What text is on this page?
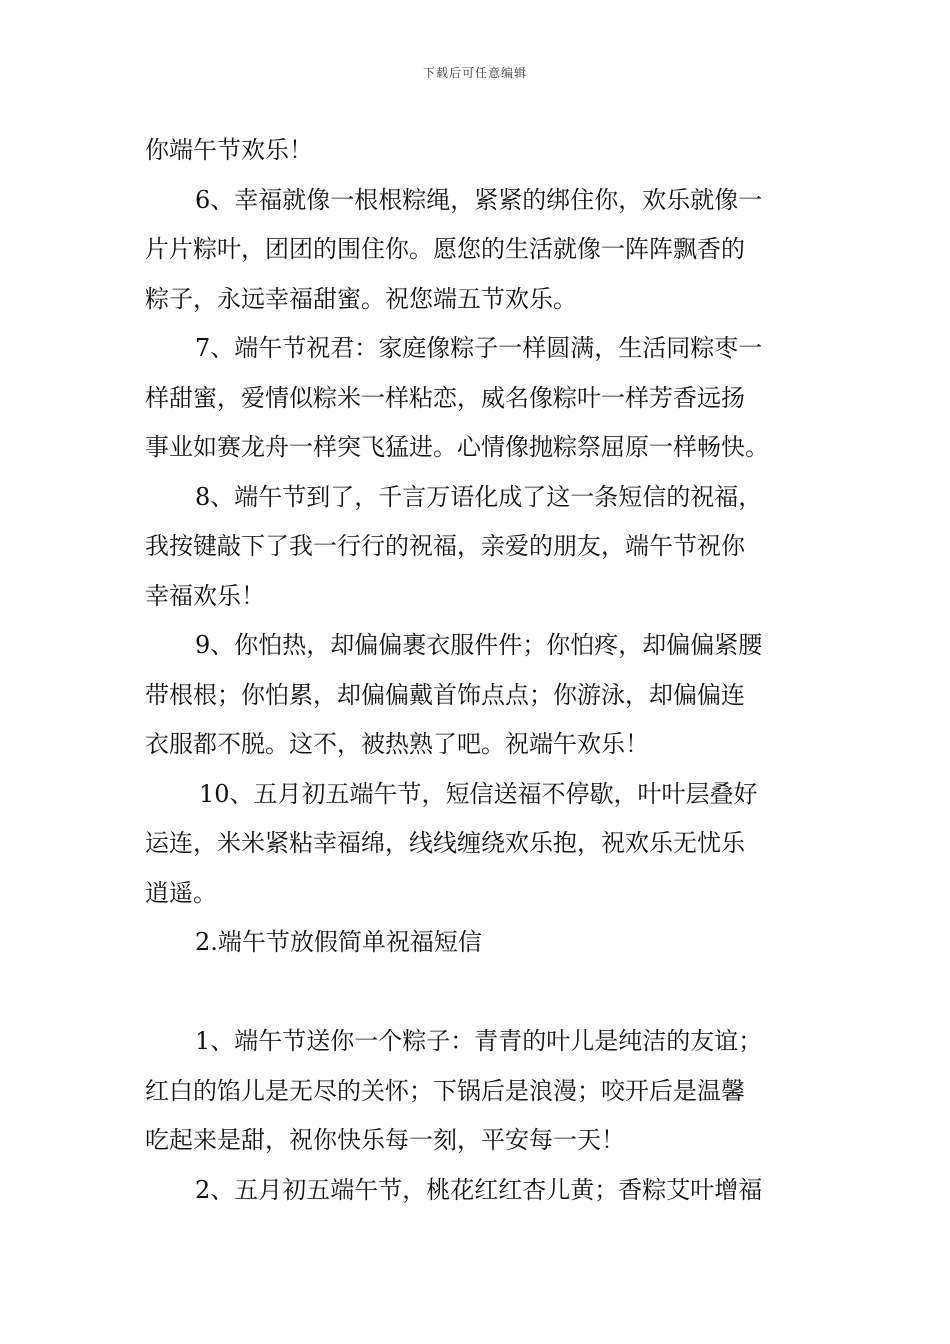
下载后可任意编辑
你端午节欢乐！
6、幸福就像一根根粽绳，紧紧的绑住你，欢乐就像一
片片粽叶，团团的围住你。愿您的生活就像一阵阵飘香的
粽子，永远幸福甜蜜。祝您端五节欢乐。
7、端午节祝君：家庭像粽子一样圆满，生活同粽枣一
样甜蜜，爱情似粽米一样粘恋，威名像粽叶一样芳香远扬
事业如赛龙舟一样突飞猛进。心情像抛粽祭屈原一样畅快。
8、端午节到了，千言万语化成了这一条短信的祝福，
我按键敲下了我一行行的祝福，亲爱的朋友，端午节祝你
幸福欢乐！
9、你怕热，却偏偏裹衣服件件；你怕疼，却偏偏紧腰
带根根；你怕累，却偏偏戴首饰点点；你游泳，却偏偏连
衣服都不脱。这不，被热熟了吧。祝端午欢乐！
10、五月初五端午节，短信送福不停歇，叶叶层叠好
运连，米米紧粘幸福绵，线线缠绕欢乐抱，祝欢乐无忧乐
逍遥。
2.端午节放假简单祝福短信
1、端午节送你一个粽子：青青的叶儿是纯洁的友谊；
红白的馅儿是无尽的关怀；下锅后是浪漫；咬开后是温馨
吃起来是甜，祝你快乐每一刻，平安每一天！
2、五月初五端午节，桃花红红杏儿黄；香粽艾叶增福
